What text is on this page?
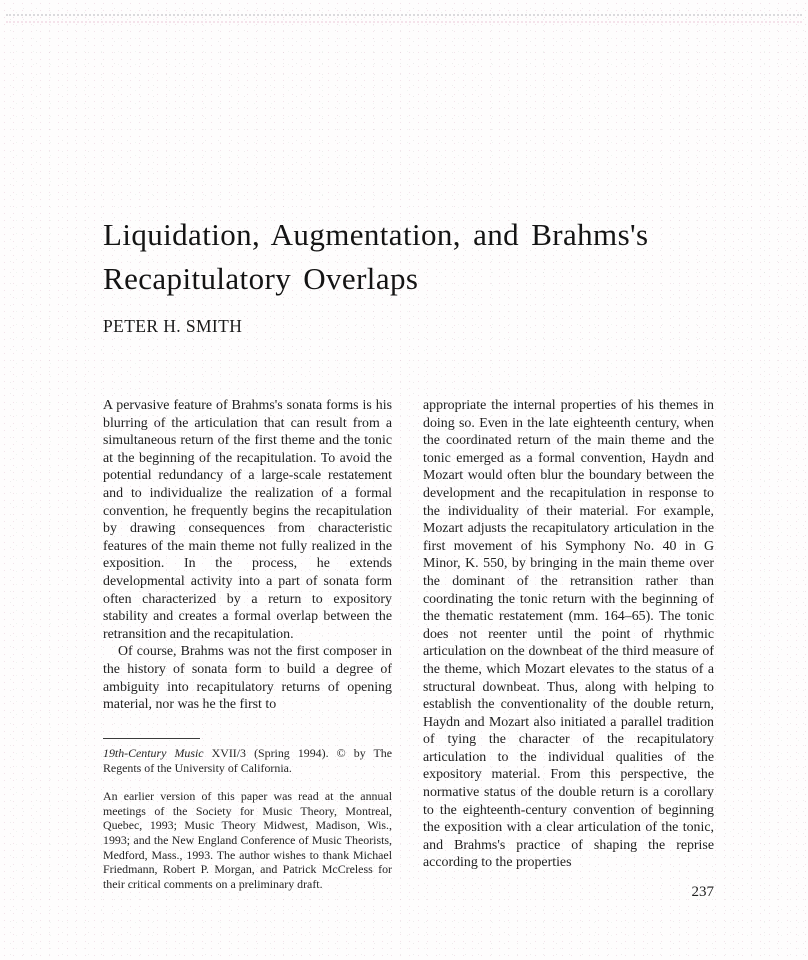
Liquidation, Augmentation, and Brahms's
Recapitulatory Overlaps
PETER H. SMITH

A pervasive feature of Brahms's sonata forms is his blurring of the articulation that can result from a simultaneous return of the first theme and the tonic at the beginning of the recapitulation. To avoid the potential redundancy of a large-scale restatement and to individualize the realization of a formal convention, he frequently begins the recapitulation by drawing consequences from characteristic features of the main theme not fully realized in the exposition. In the process, he extends developmental activity into a part of sonata form often characterized by a return to expository stability and creates a formal overlap between the retransition and the recapitulation.

Of course, Brahms was not the first composer in the history of sonata form to build a degree of ambiguity into recapitulatory returns of opening material, nor was he the first to

appropriate the internal properties of his themes in doing so. Even in the late eighteenth century, when the coordinated return of the main theme and the tonic emerged as a formal convention, Haydn and Mozart would often blur the boundary between the development and the recapitulation in response to the individuality of their material. For example, Mozart adjusts the recapitulatory articulation in the first movement of his Symphony No. 40 in G Minor, K. 550, by bringing in the main theme over the dominant of the retransition rather than coordinating the tonic return with the beginning of the thematic restatement (mm. 164–65). The tonic does not reenter until the point of rhythmic articulation on the downbeat of the third measure of the theme, which Mozart elevates to the status of a structural downbeat. Thus, along with helping to establish the conventionality of the double return, Haydn and Mozart also initiated a parallel tradition of tying the character of the recapitulatory articulation to the individual qualities of the expository material. From this perspective, the normative status of the double return is a corollary to the eighteenth-century convention of beginning the exposition with a clear articulation of the tonic, and Brahms's practice of shaping the reprise according to the properties

19th-Century Music XVII/3 (Spring 1994). © by The Regents of the University of California.

An earlier version of this paper was read at the annual meetings of the Society for Music Theory, Montreal, Quebec, 1993; Music Theory Midwest, Madison, Wis., 1993; and the New England Conference of Music Theorists, Medford, Mass., 1993. The author wishes to thank Michael Friedmann, Robert P. Morgan, and Patrick McCreless for their critical comments on a preliminary draft.

237
